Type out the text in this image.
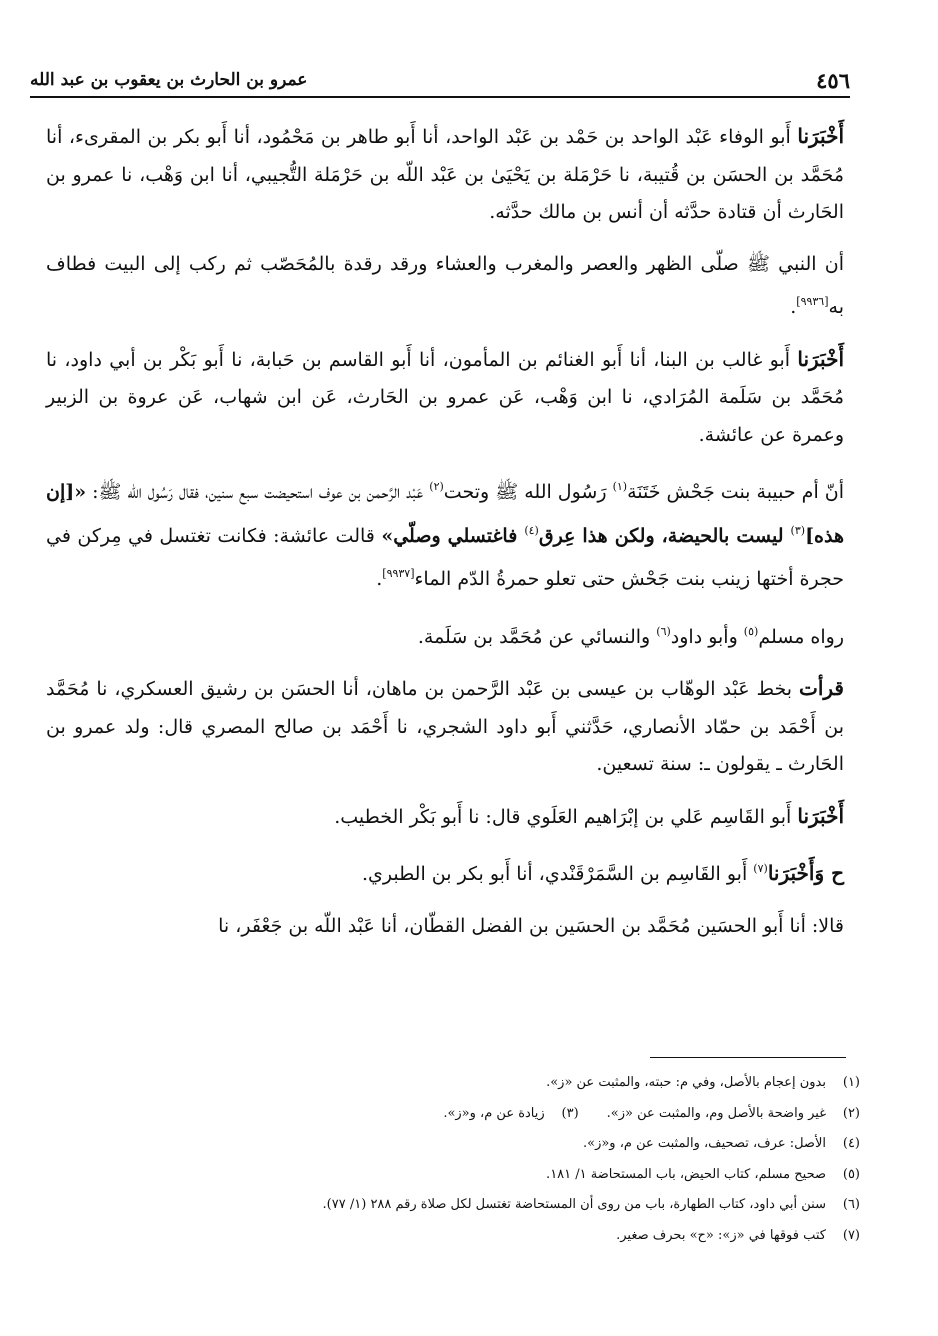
٤٥٦
عمرو بن الحارث بن يعقوب بن عبد الله

أَخْبَرَنا أَبو الوفاء عَبْد الواحد بن حَمْد بن عَبْد الواحد، أنا أَبو طاهر بن مَحْمُود، أنا أَبو بكر بن المقرىء، أنا مُحَمَّد بن الحسَن بن قُتيبة، نا حَرْمَلة بن يَحْيَىٰ بن عَبْد اللّه بن حَرْمَلة التُّجيبي، أنا ابن وَهْب، نا عمرو بن الحَارث أن قتادة حدَّثه أن أنس بن مالك حدَّثه.

أن النبي ﷺ صلّى الظهر والعصر والمغرب والعشاء ورقد رقدة بالمُحَصّب ثم ركب إلى البيت فطاف به[٩٩٣٦].

أَخْبَرَنا أَبو غالب بن البنا، أنا أَبو الغنائم بن المأمون، أنا أَبو القاسم بن حَبابة، نا أَبو بَكْر بن أبي داود، نا مُحَمَّد بن سَلَمة المُرَادي، نا ابن وَهْب، عَن عمرو بن الحَارث، عَن ابن شهاب، عَن عروة بن الزبير وعمرة عن عائشة.

أنّ أم حبيبة بنت جَحْش خَتَنَة$^{(١)}$ رَسُول الله ﷺ وتحت$^{(٢)}$ عَبْد الرَّحمن بن عوف استحيضت سبع سنين، فقال رَسُول الله ﷺ: «[إن هذه]$^{(٣)}$ ليست بالحيضة، ولكن هذا عِرق$^{(٤)}$ فاغتسلي وصلّي» قالت عائشة: فكانت تغتسل في مِركن في حجرة أختها زينب بنت جَحْش حتى تعلو حمرةُ الدّم الماء[٩٩٣٧].

رواه مسلم$^{(٥)}$ وأبو داود$^{(٦)}$ والنسائي عن مُحَمَّد بن سَلَمة.

قرأت بخط عَبْد الوهّاب بن عيسى بن عَبْد الرَّحمن بن ماهان، أنا الحسَن بن رشيق العسكري، نا مُحَمَّد بن أَحْمَد بن حمّاد الأنصاري، حَدَّثني أَبو داود الشجري، نا أَحْمَد بن صالح المصري قال: ولد عمرو بن الحَارث ـ يقولون ـ: سنة تسعين.

أَخْبَرَنا أَبو القَاسِم عَلي بن إبْرَاهيم العَلَوي قال: نا أَبو بَكْر الخطيب.

ح وَأَخْبَرَنا$^{(٧)}$ أَبو القَاسِم بن السَّمَرْقَنْدي، أنا أَبو بكر بن الطبري.

قالا: أنا أَبو الحسَين مُحَمَّد بن الحسَين بن الفضل القطّان، أنا عَبْد اللّه بن جَعْفَر، نا

(١)
بدون إعجام بالأصل، وفي م: حبته، والمثبت عن «ز».
(٢)
غير واضحة بالأصل وم، والمثبت عن «ز».
(٣)
زيادة عن م، و«ز».
(٤)
الأصل: عرف، تصحيف، والمثبت عن م، و«ز».
(٥)
صحيح مسلم، كتاب الحيض، باب المستحاضة ١/ ١٨١.
(٦)
سنن أبي داود، كتاب الطهارة، باب من روى أن المستحاضة تغتسل لكل صلاة رقم ٢٨٨ (١/ ٧٧).
(٧)
كتب فوقها في «ز»: «ح» بحرف صغير.
